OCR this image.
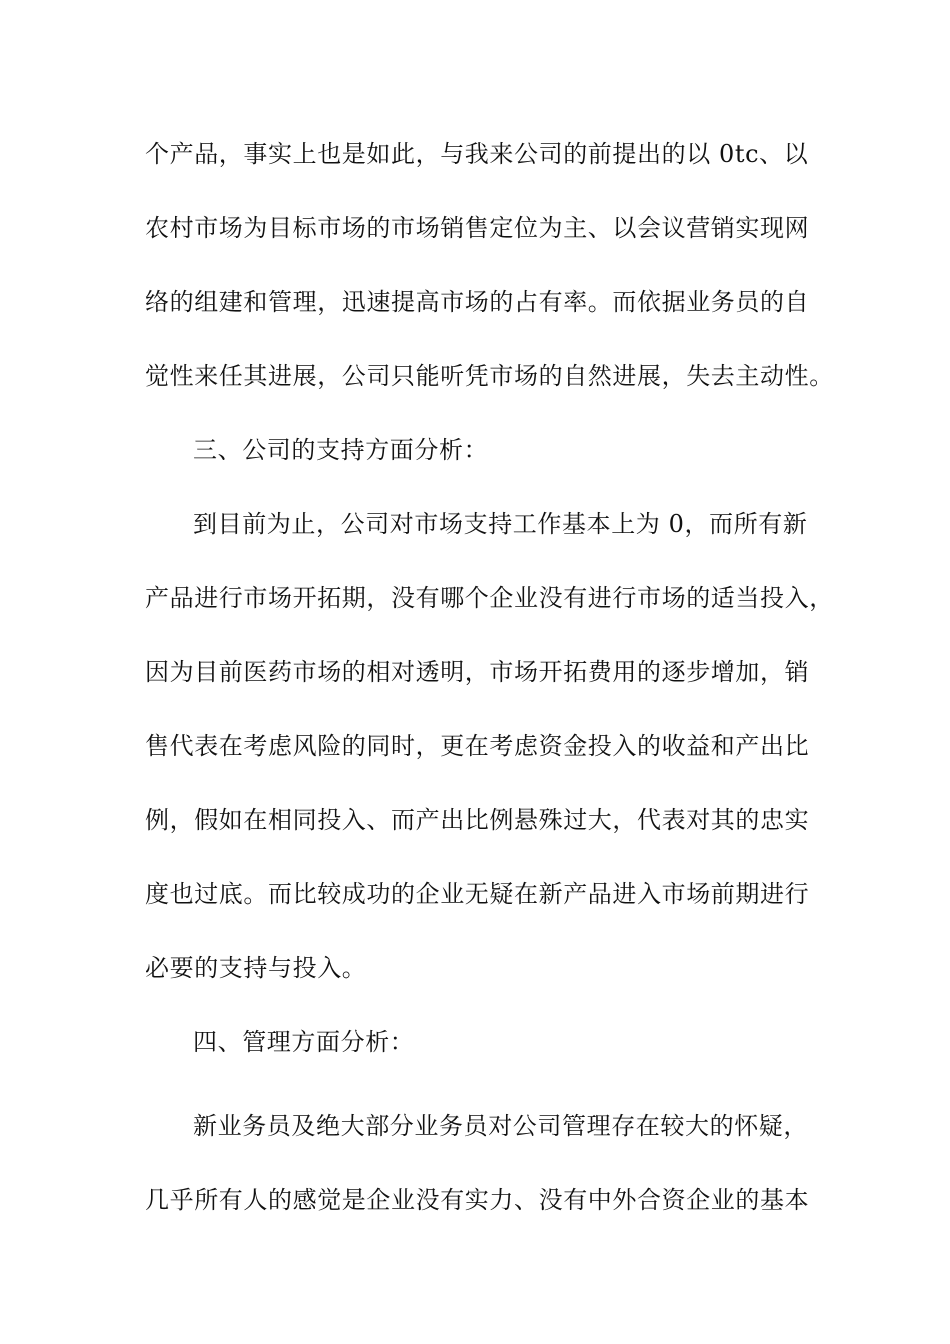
个产品，事实上也是如此，与我来公司的前提出的以 0tc、以
农村市场为目标市场的市场销售定位为主、以会议营销实现网
络的组建和管理，迅速提高市场的占有率。而依据业务员的自
觉性来任其进展，公司只能听凭市场的自然进展，失去主动性。
三、公司的支持方面分析：
到目前为止，公司对市场支持工作基本上为 0，而所有新
产品进行市场开拓期，没有哪个企业没有进行市场的适当投入，
因为目前医药市场的相对透明，市场开拓费用的逐步增加，销
售代表在考虑风险的同时，更在考虑资金投入的收益和产出比
例，假如在相同投入、而产出比例悬殊过大，代表对其的忠实
度也过底。而比较成功的企业无疑在新产品进入市场前期进行
必要的支持与投入。
四、管理方面分析：
新业务员及绝大部分业务员对公司管理存在较大的怀疑，
几乎所有人的感觉是企业没有实力、没有中外合资企业的基本
